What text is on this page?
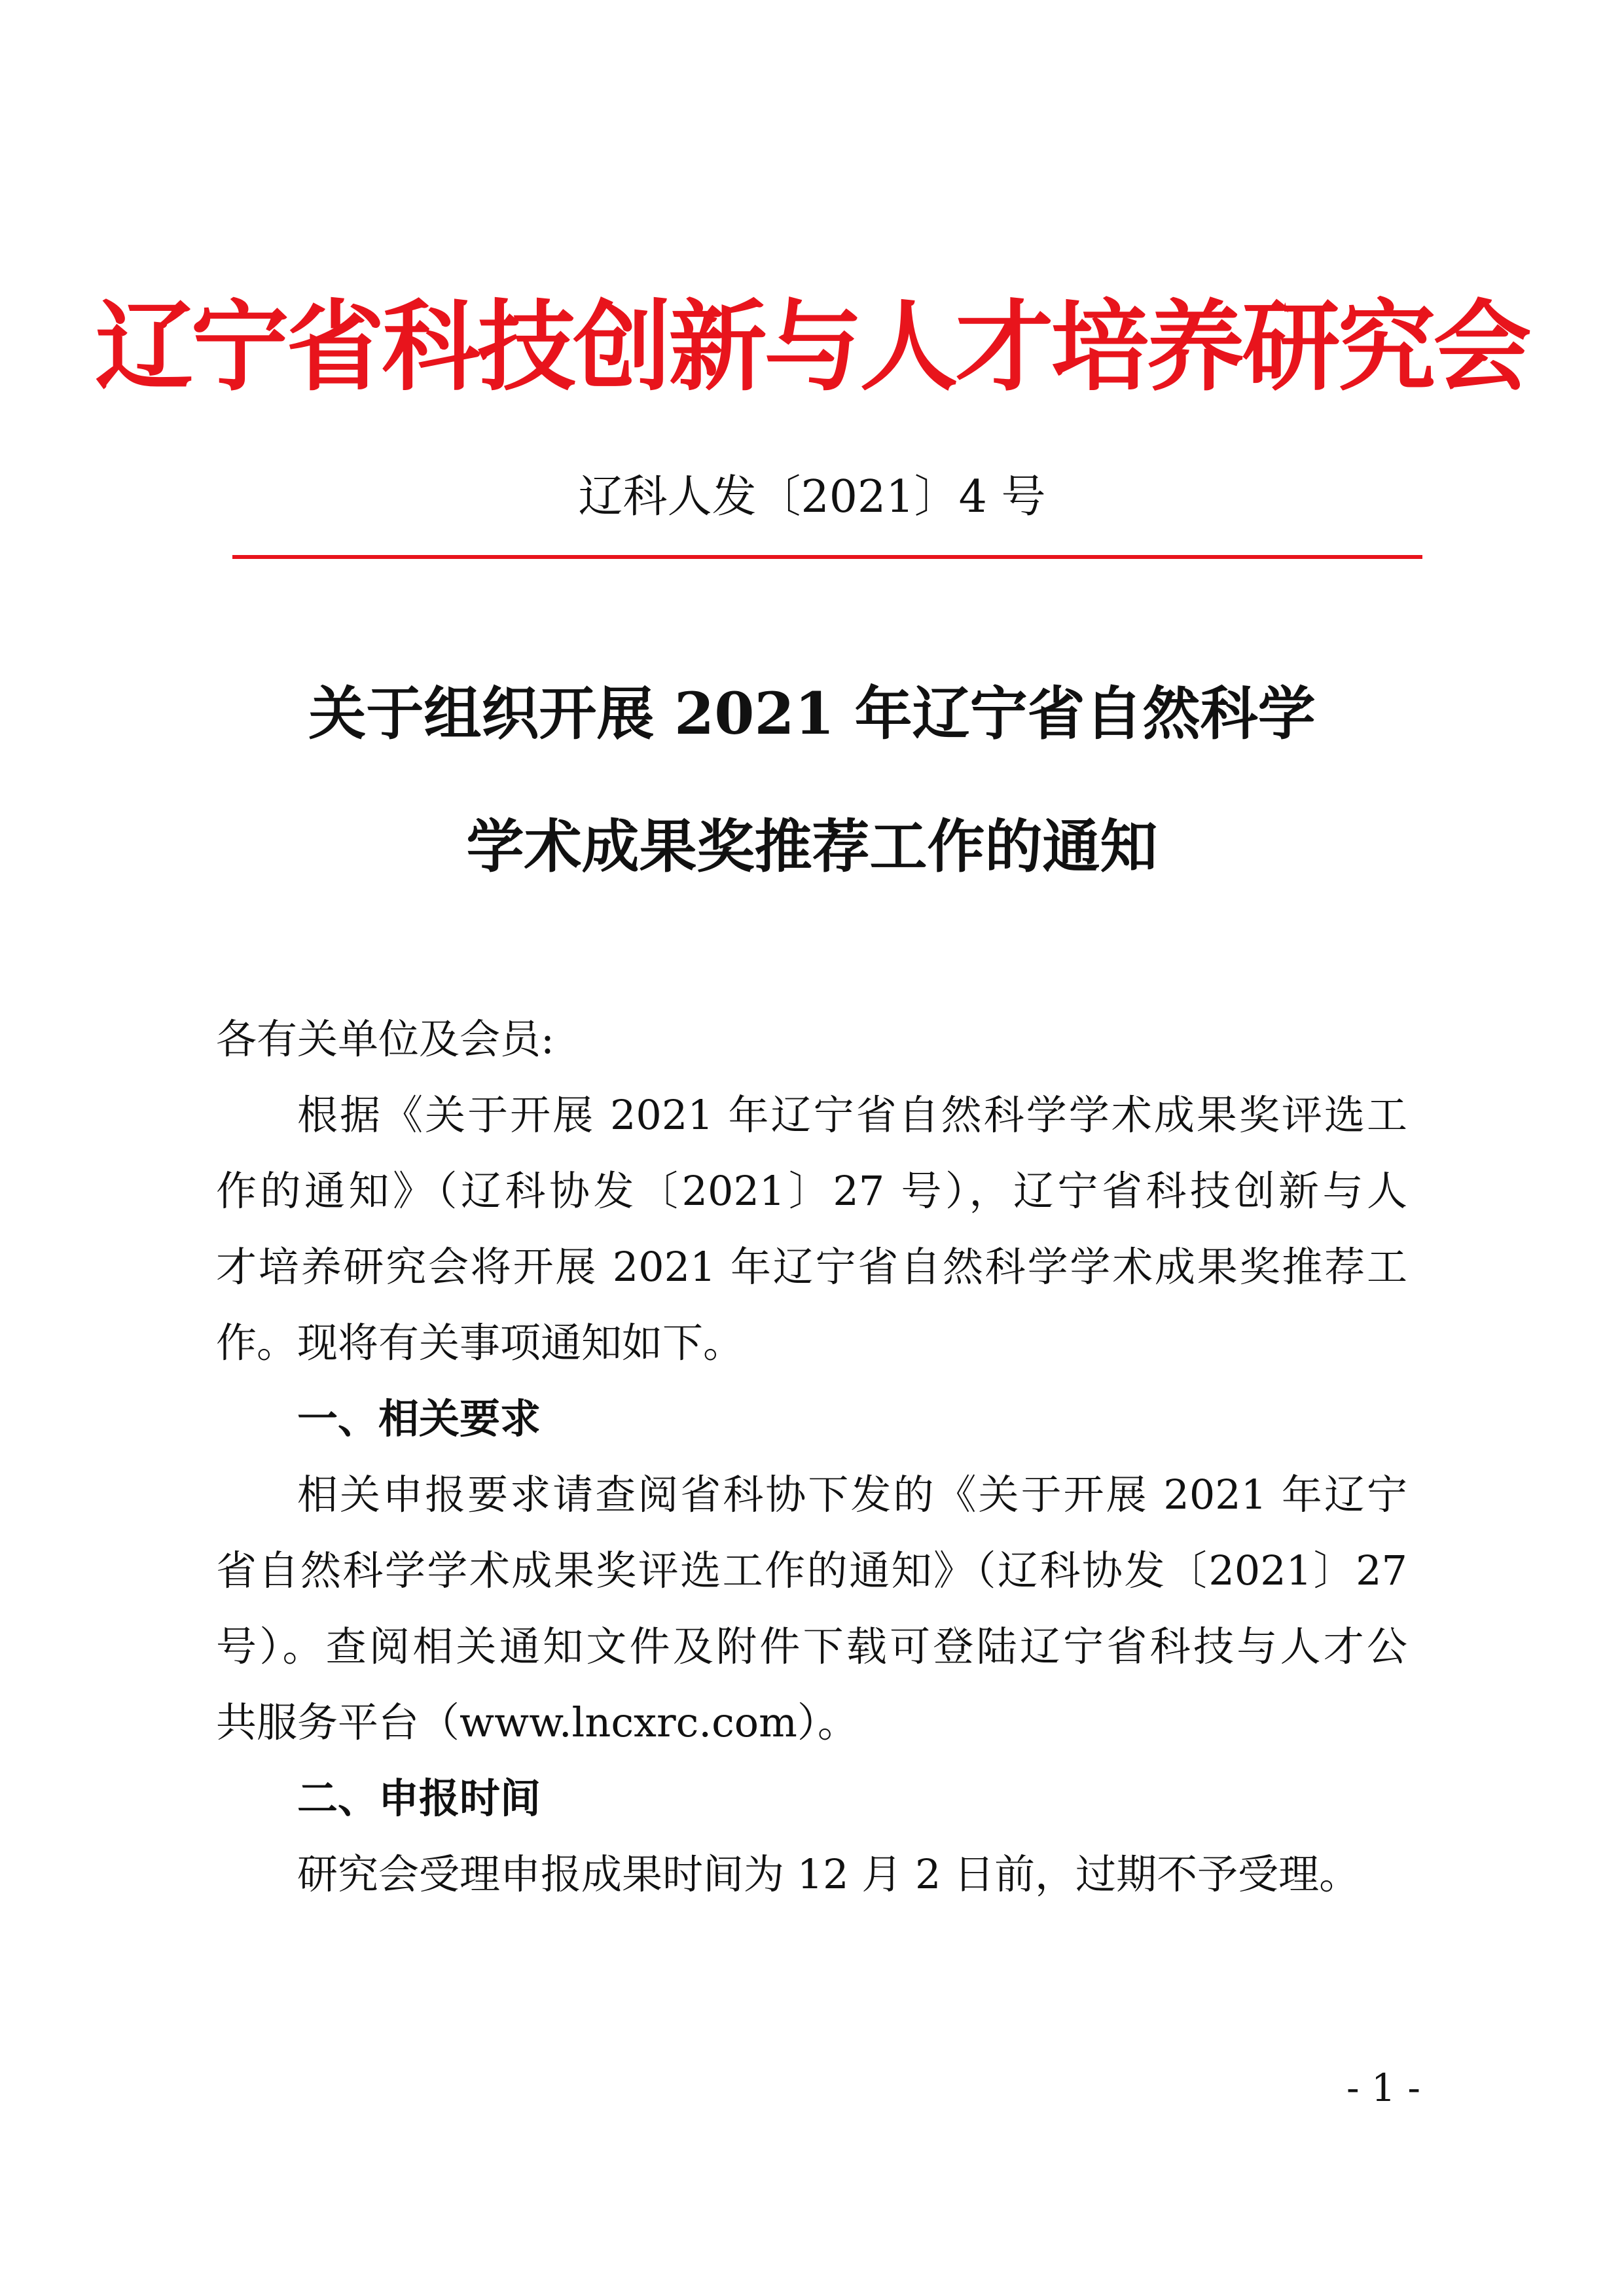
辽宁省科技创新与人才培养研究会
辽科人发〔2021〕4 号
关于组织开展 2021 年辽宁省自然科学
学术成果奖推荐工作的通知
各有关单位及会员:
根据《关于开展 2021 年辽宁省自然科学学术成果奖评选工
作的通知》（辽科协发〔2021〕27 号），辽宁省科技创新与人
才培养研究会将开展 2021 年辽宁省自然科学学术成果奖推荐工
作。现将有关事项通知如下。
一、相关要求
相关申报要求请查阅省科协下发的《关于开展 2021 年辽宁
省自然科学学术成果奖评选工作的通知》（辽科协发〔2021〕27
号）。查阅相关通知文件及附件下载可登陆辽宁省科技与人才公
共服务平台（www.lncxrc.com）。
二、申报时间
研究会受理申报成果时间为 12 月 2 日前，过期不予受理。
- 1 -
